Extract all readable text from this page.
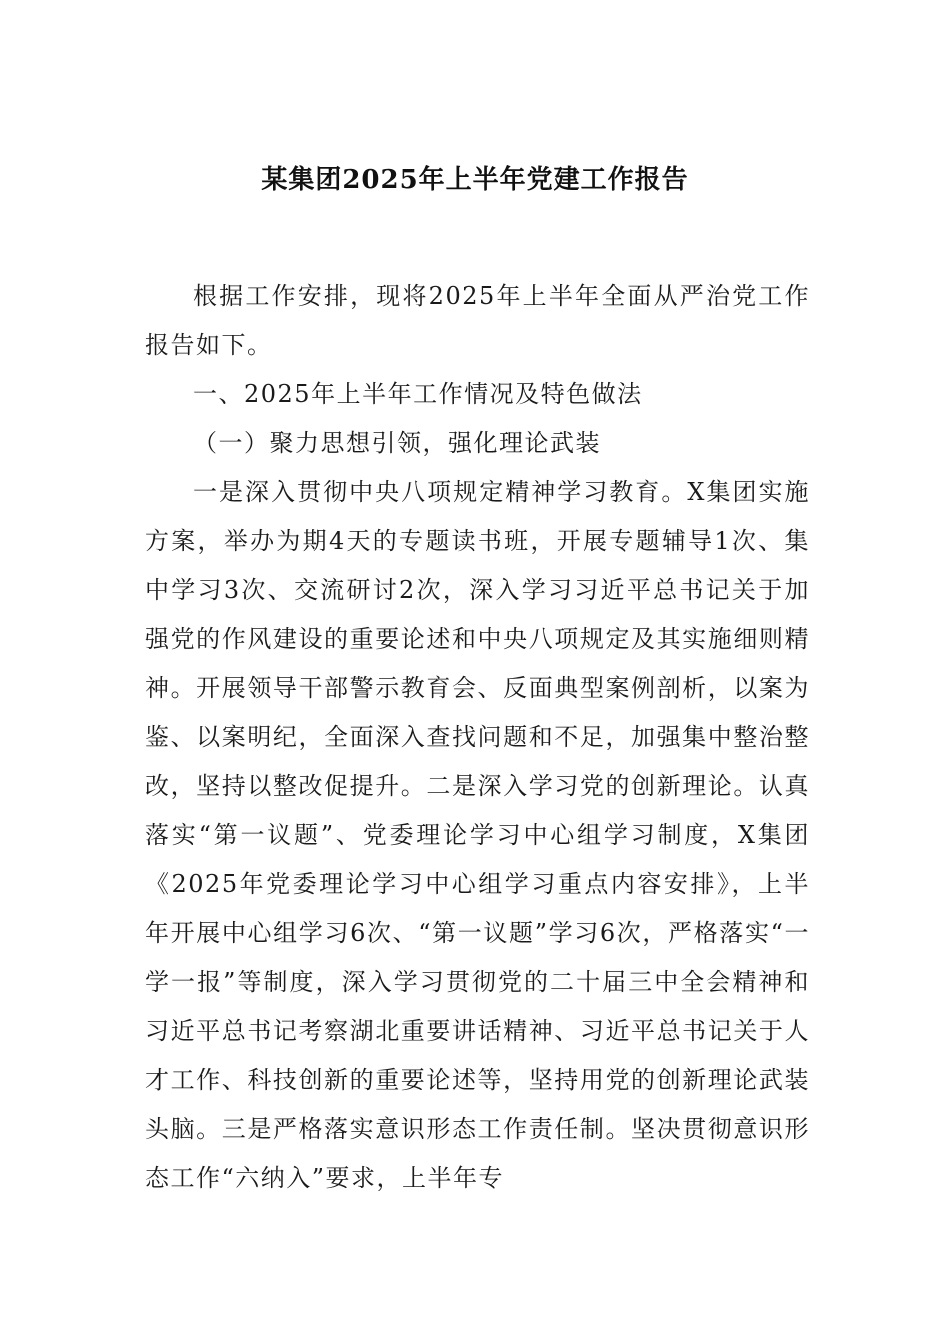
某集团2025年上半年党建工作报告

根据工作安排，现将2025年上半年全面从严治党工作报告如下。

一、2025年上半年工作情况及特色做法

（一）聚力思想引领，强化理论武装

一是深入贯彻中央八项规定精神学习教育。X集团实施方案，举办为期4天的专题读书班，开展专题辅导1次、集中学习3次、交流研讨2次，深入学习习近平总书记关于加强党的作风建设的重要论述和中央八项规定及其实施细则精神。开展领导干部警示教育会、反面典型案例剖析，以案为鉴、以案明纪，全面深入查找问题和不足，加强集中整治整改，坚持以整改促提升。二是深入学习党的创新理论。认真落实“第一议题”、党委理论学习中心组学习制度，X集团《2025年党委理论学习中心组学习重点内容安排》，上半年开展中心组学习6次、“第一议题”学习6次，严格落实“一学一报”等制度，深入学习贯彻党的二十届三中全会精神和习近平总书记考察湖北重要讲话精神、习近平总书记关于人才工作、科技创新的重要论述等，坚持用党的创新理论武装头脑。三是严格落实意识形态工作责任制。坚决贯彻意识形态工作“六纳入”要求，上半年专
